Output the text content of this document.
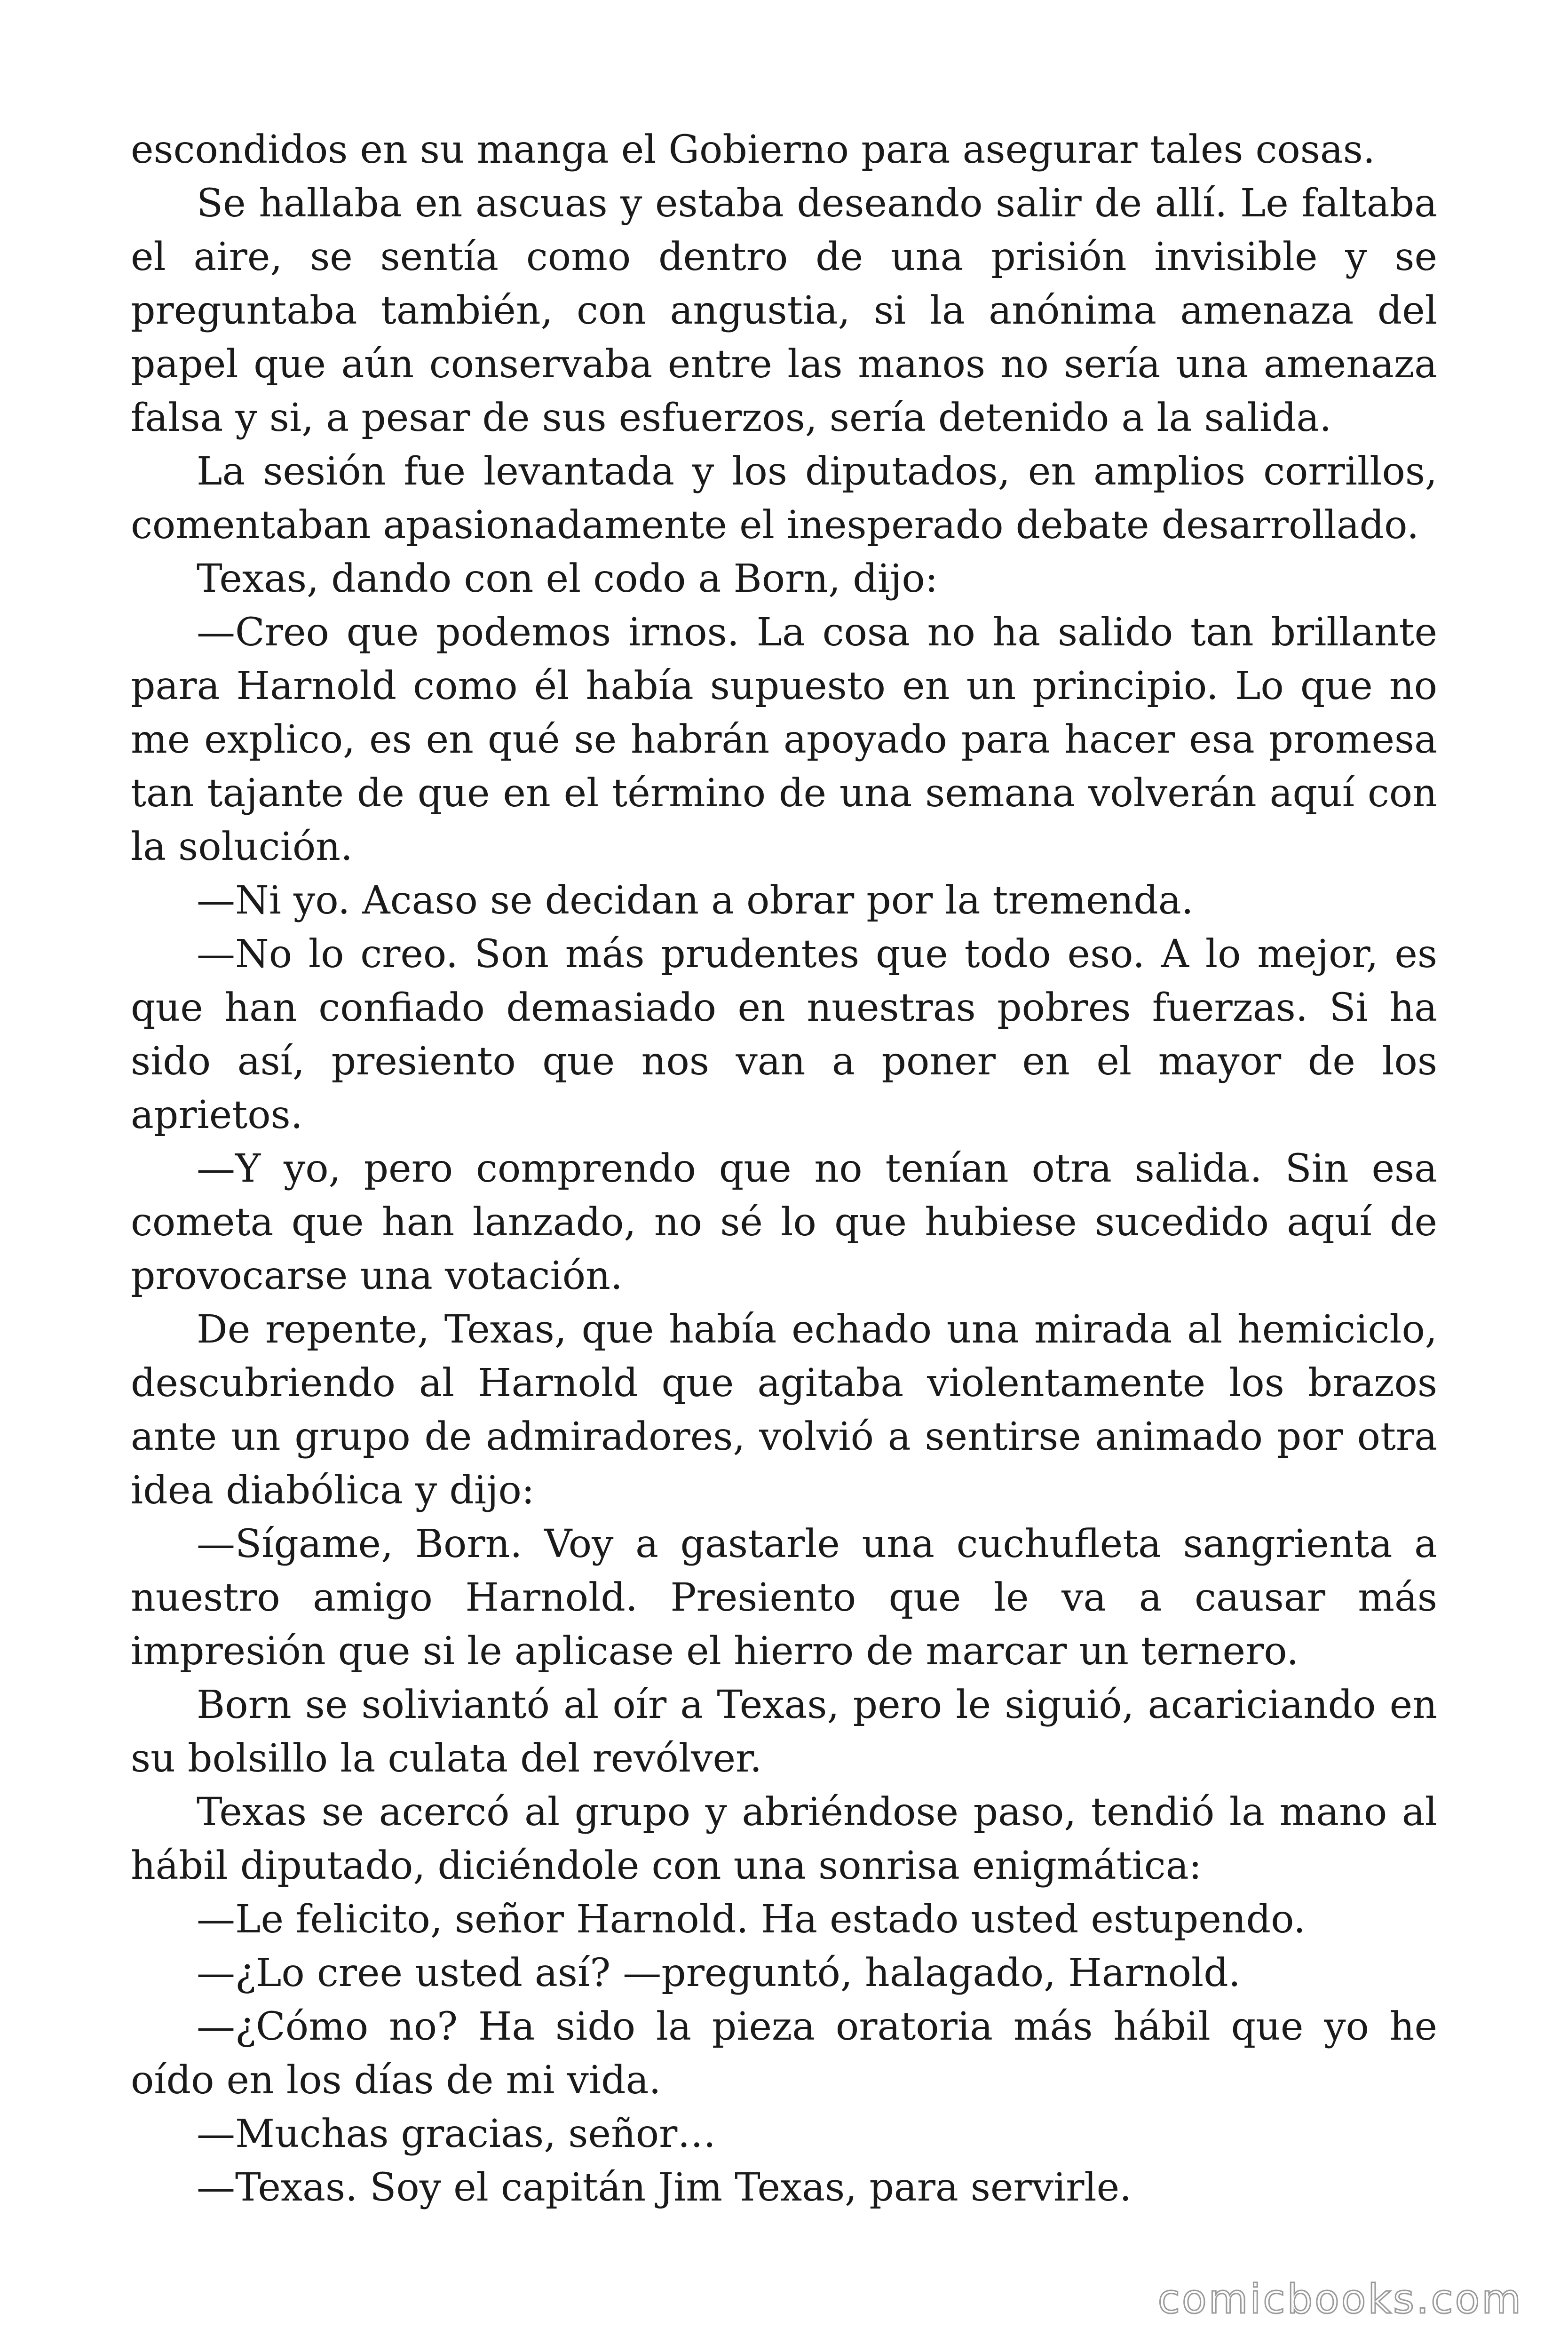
escondidos en su manga el Gobierno para asegurar tales cosas.

Se hallaba en ascuas y estaba deseando salir de allí. Le faltaba el aire, se sentía como dentro de una prisión invisible y se preguntaba también, con angustia, si la anónima amenaza del papel que aún conservaba entre las manos no sería una amenaza falsa y si, a pesar de sus esfuerzos, sería detenido a la salida.

La sesión fue levantada y los diputados, en amplios corrillos, comentaban apasionadamente el inesperado debate desarrollado.

Texas, dando con el codo a Born, dijo:

—Creo que podemos irnos. La cosa no ha salido tan brillante para Harnold como él había supuesto en un principio. Lo que no me explico, es en qué se habrán apoyado para hacer esa promesa tan tajante de que en el término de una semana volverán aquí con la solución.

—Ni yo. Acaso se decidan a obrar por la tremenda.

—No lo creo. Son más prudentes que todo eso. A lo mejor, es que han confiado demasiado en nuestras pobres fuerzas. Si ha sido así, presiento que nos van a poner en el mayor de los aprietos.

—Y yo, pero comprendo que no tenían otra salida. Sin esa cometa que han lanzado, no sé lo que hubiese sucedido aquí de provocarse una votación.

De repente, Texas, que había echado una mirada al hemiciclo, descubriendo al Harnold que agitaba violentamente los brazos ante un grupo de admiradores, volvió a sentirse animado por otra idea diabólica y dijo:

—Sígame, Born. Voy a gastarle una cuchufleta sangrienta a nuestro amigo Harnold. Presiento que le va a causar más impresión que si le aplicase el hierro de marcar un ternero.

Born se soliviantó al oír a Texas, pero le siguió, acariciando en su bolsillo la culata del revólver.

Texas se acercó al grupo y abriéndose paso, tendió la mano al hábil diputado, diciéndole con una sonrisa enigmática:

—Le felicito, señor Harnold. Ha estado usted estupendo.

—¿Lo cree usted así? —preguntó, halagado, Harnold.

—¿Cómo no? Ha sido la pieza oratoria más hábil que yo he oído en los días de mi vida.

—Muchas gracias, señor…

—Texas. Soy el capitán Jim Texas, para servirle.

comicbooks.com
